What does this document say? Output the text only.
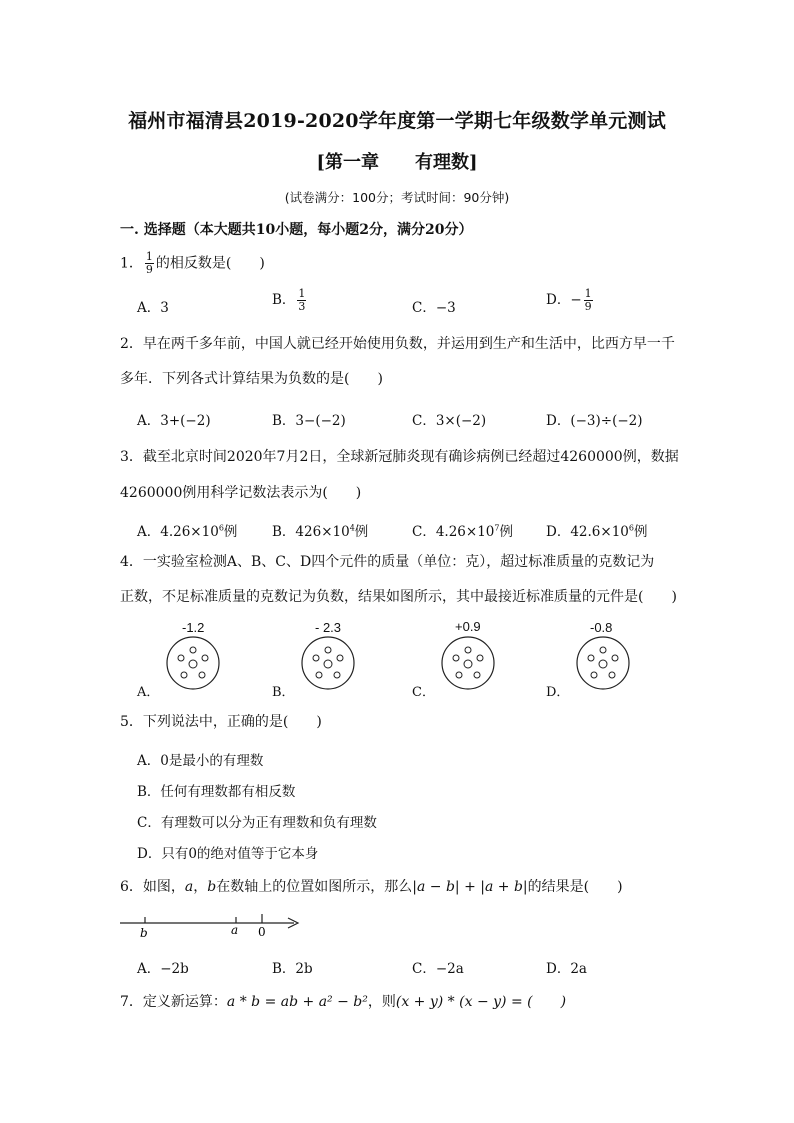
福州市福清县2019-2020学年度第一学期七年级数学单元测试
[第一章 有理数]
(试卷满分：100分；考试时间：90分钟)
一. 选择题（本大题共10小题，每小题2分，满分20分）
1． $\frac{1}{9}$ 的相反数是(　　)
A．3	B． $\frac{1}{3}$	C．−3	D．− $\frac{1}{9}$
2．早在两千多年前，中国人就已经开始使用负数，并运用到生产和生活中，比西方早一千
多年．下列各式计算结果为负数的是(　　)
A．3+(−2)	B．3−(−2)	C．3×(−2)	D．(−3)÷(−2)
3．截至北京时间2020年7月2日，全球新冠肺炎现有确诊病例已经超过4260000例，数据
4260000例用科学记数法表示为(　　)
A．$4.26\times 10^6$例	B．$426\times 10^4$例	C．$4.26\times 10^7$例 D．$42.6\times 10^6$例
4．一实验室检测A、B、C、D四个元件的质量（单位：克），超过标准质量的克数记为
正数，不足标准质量的克数记为负数，结果如图所示，其中最接近标准质量的元件是(　　)
A．
-1.2
B．
- 2.3
C．
+0.9
D．
-0.8
5．下列说法中，正确的是(　　)
A．0是最小的有理数
B．任何有理数都有相反数
C．有理数可以分为正有理数和负有理数
D．只有0的绝对值等于它本身
6．如图，a，b在数轴上的位置如图所示，那么|a − b| + |a + b|的结果是(　　)
b	a 0
A．−2b	B．2b	C．−2a	D．2a
7．定义新运算：a * b = ab + a² − b²，则(x + y) * (x − y) = (　　)
